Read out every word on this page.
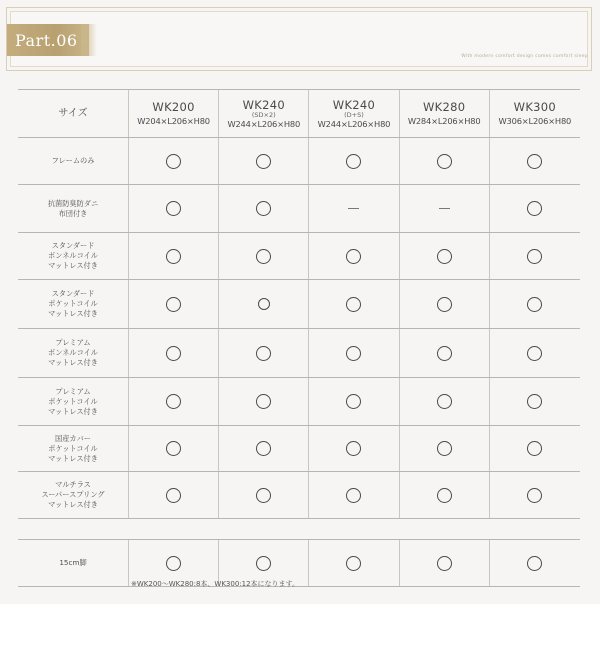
Part.06
With modern comfort design comes comfort sleep
サイズ	WK200
W204×L206×H80
WK240
(SD×2)
W244×L206×H80
WK240
(D+S)
W244×L206×H80
WK280
W284×L206×H80
WK300
W306×L206×H80
フレームのみ
抗菌防臭防ダニ
布団付き
スタンダード
ボンネルコイル
マットレス付き
スタンダード
ポケットコイル
マットレス付き
プレミアム
ボンネルコイル
マットレス付き
プレミアム
ポケットコイル
マットレス付き
国産カバー
ポケットコイル
マットレス付き
マルチラス
スーパースプリング
マットレス付き
15cm脚
※WK200～WK280:8本、WK300:12本になります。
